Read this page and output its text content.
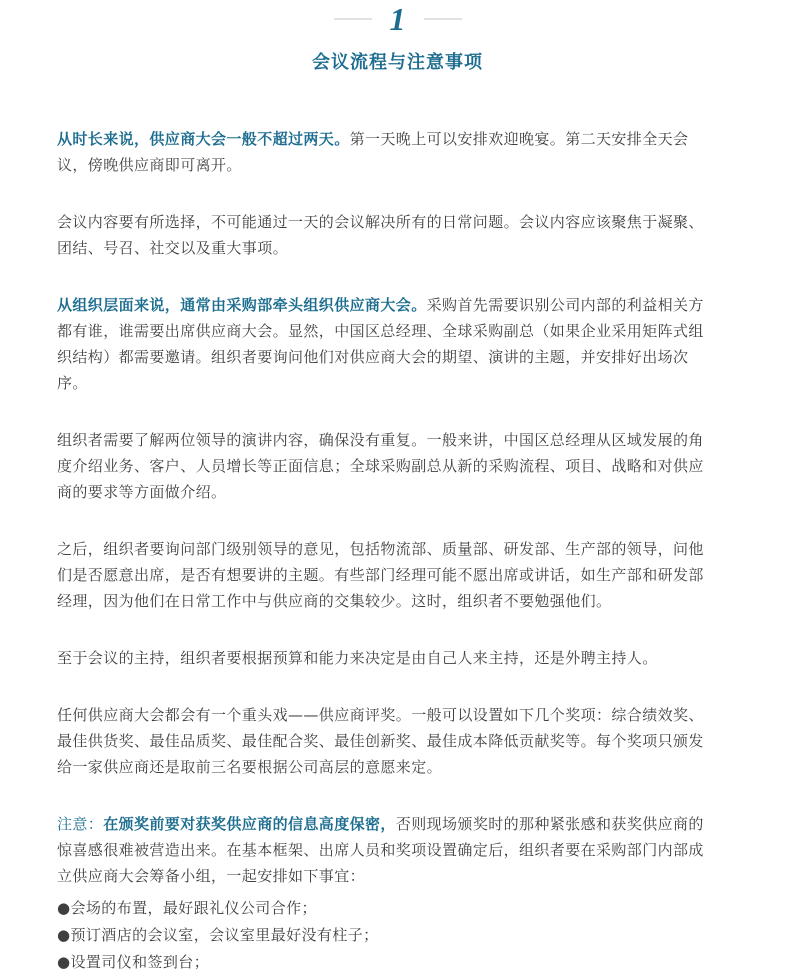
1
会议流程与注意事项

从时长来说，供应商大会一般不超过两天。第一天晚上可以安排欢迎晚宴。第二天安排全天会议，傍晚供应商即可离开。

会议内容要有所选择，不可能通过一天的会议解决所有的日常问题。会议内容应该聚焦于凝聚、团结、号召、社交以及重大事项。

从组织层面来说，通常由采购部牵头组织供应商大会。采购首先需要识别公司内部的利益相关方都有谁，谁需要出席供应商大会。显然，中国区总经理、全球采购副总（如果企业采用矩阵式组织结构）都需要邀请。组织者要询问他们对供应商大会的期望、演讲的主题，并安排好出场次序。

组织者需要了解两位领导的演讲内容，确保没有重复。一般来讲，中国区总经理从区域发展的角度介绍业务、客户、人员增长等正面信息；全球采购副总从新的采购流程、项目、战略和对供应商的要求等方面做介绍。

之后，组织者要询问部门级别领导的意见，包括物流部、质量部、研发部、生产部的领导，问他们是否愿意出席，是否有想要讲的主题。有些部门经理可能不愿出席或讲话，如生产部和研发部经理，因为他们在日常工作中与供应商的交集较少。这时，组织者不要勉强他们。

至于会议的主持，组织者要根据预算和能力来决定是由自己人来主持，还是外聘主持人。

任何供应商大会都会有一个重头戏——供应商评奖。一般可以设置如下几个奖项：综合绩效奖、最佳供货奖、最佳品质奖、最佳配合奖、最佳创新奖、最佳成本降低贡献奖等。每个奖项只颁发给一家供应商还是取前三名要根据公司高层的意愿来定。

注意：在颁奖前要对获奖供应商的信息高度保密，否则现场颁奖时的那种紧张感和获奖供应商的惊喜感很难被营造出来。在基本框架、出席人员和奖项设置确定后，组织者要在采购部门内部成立供应商大会筹备小组，一起安排如下事宜：

●会场的布置，最好跟礼仪公司合作；

●预订酒店的会议室，会议室里最好没有柱子；

●设置司仪和签到台；
